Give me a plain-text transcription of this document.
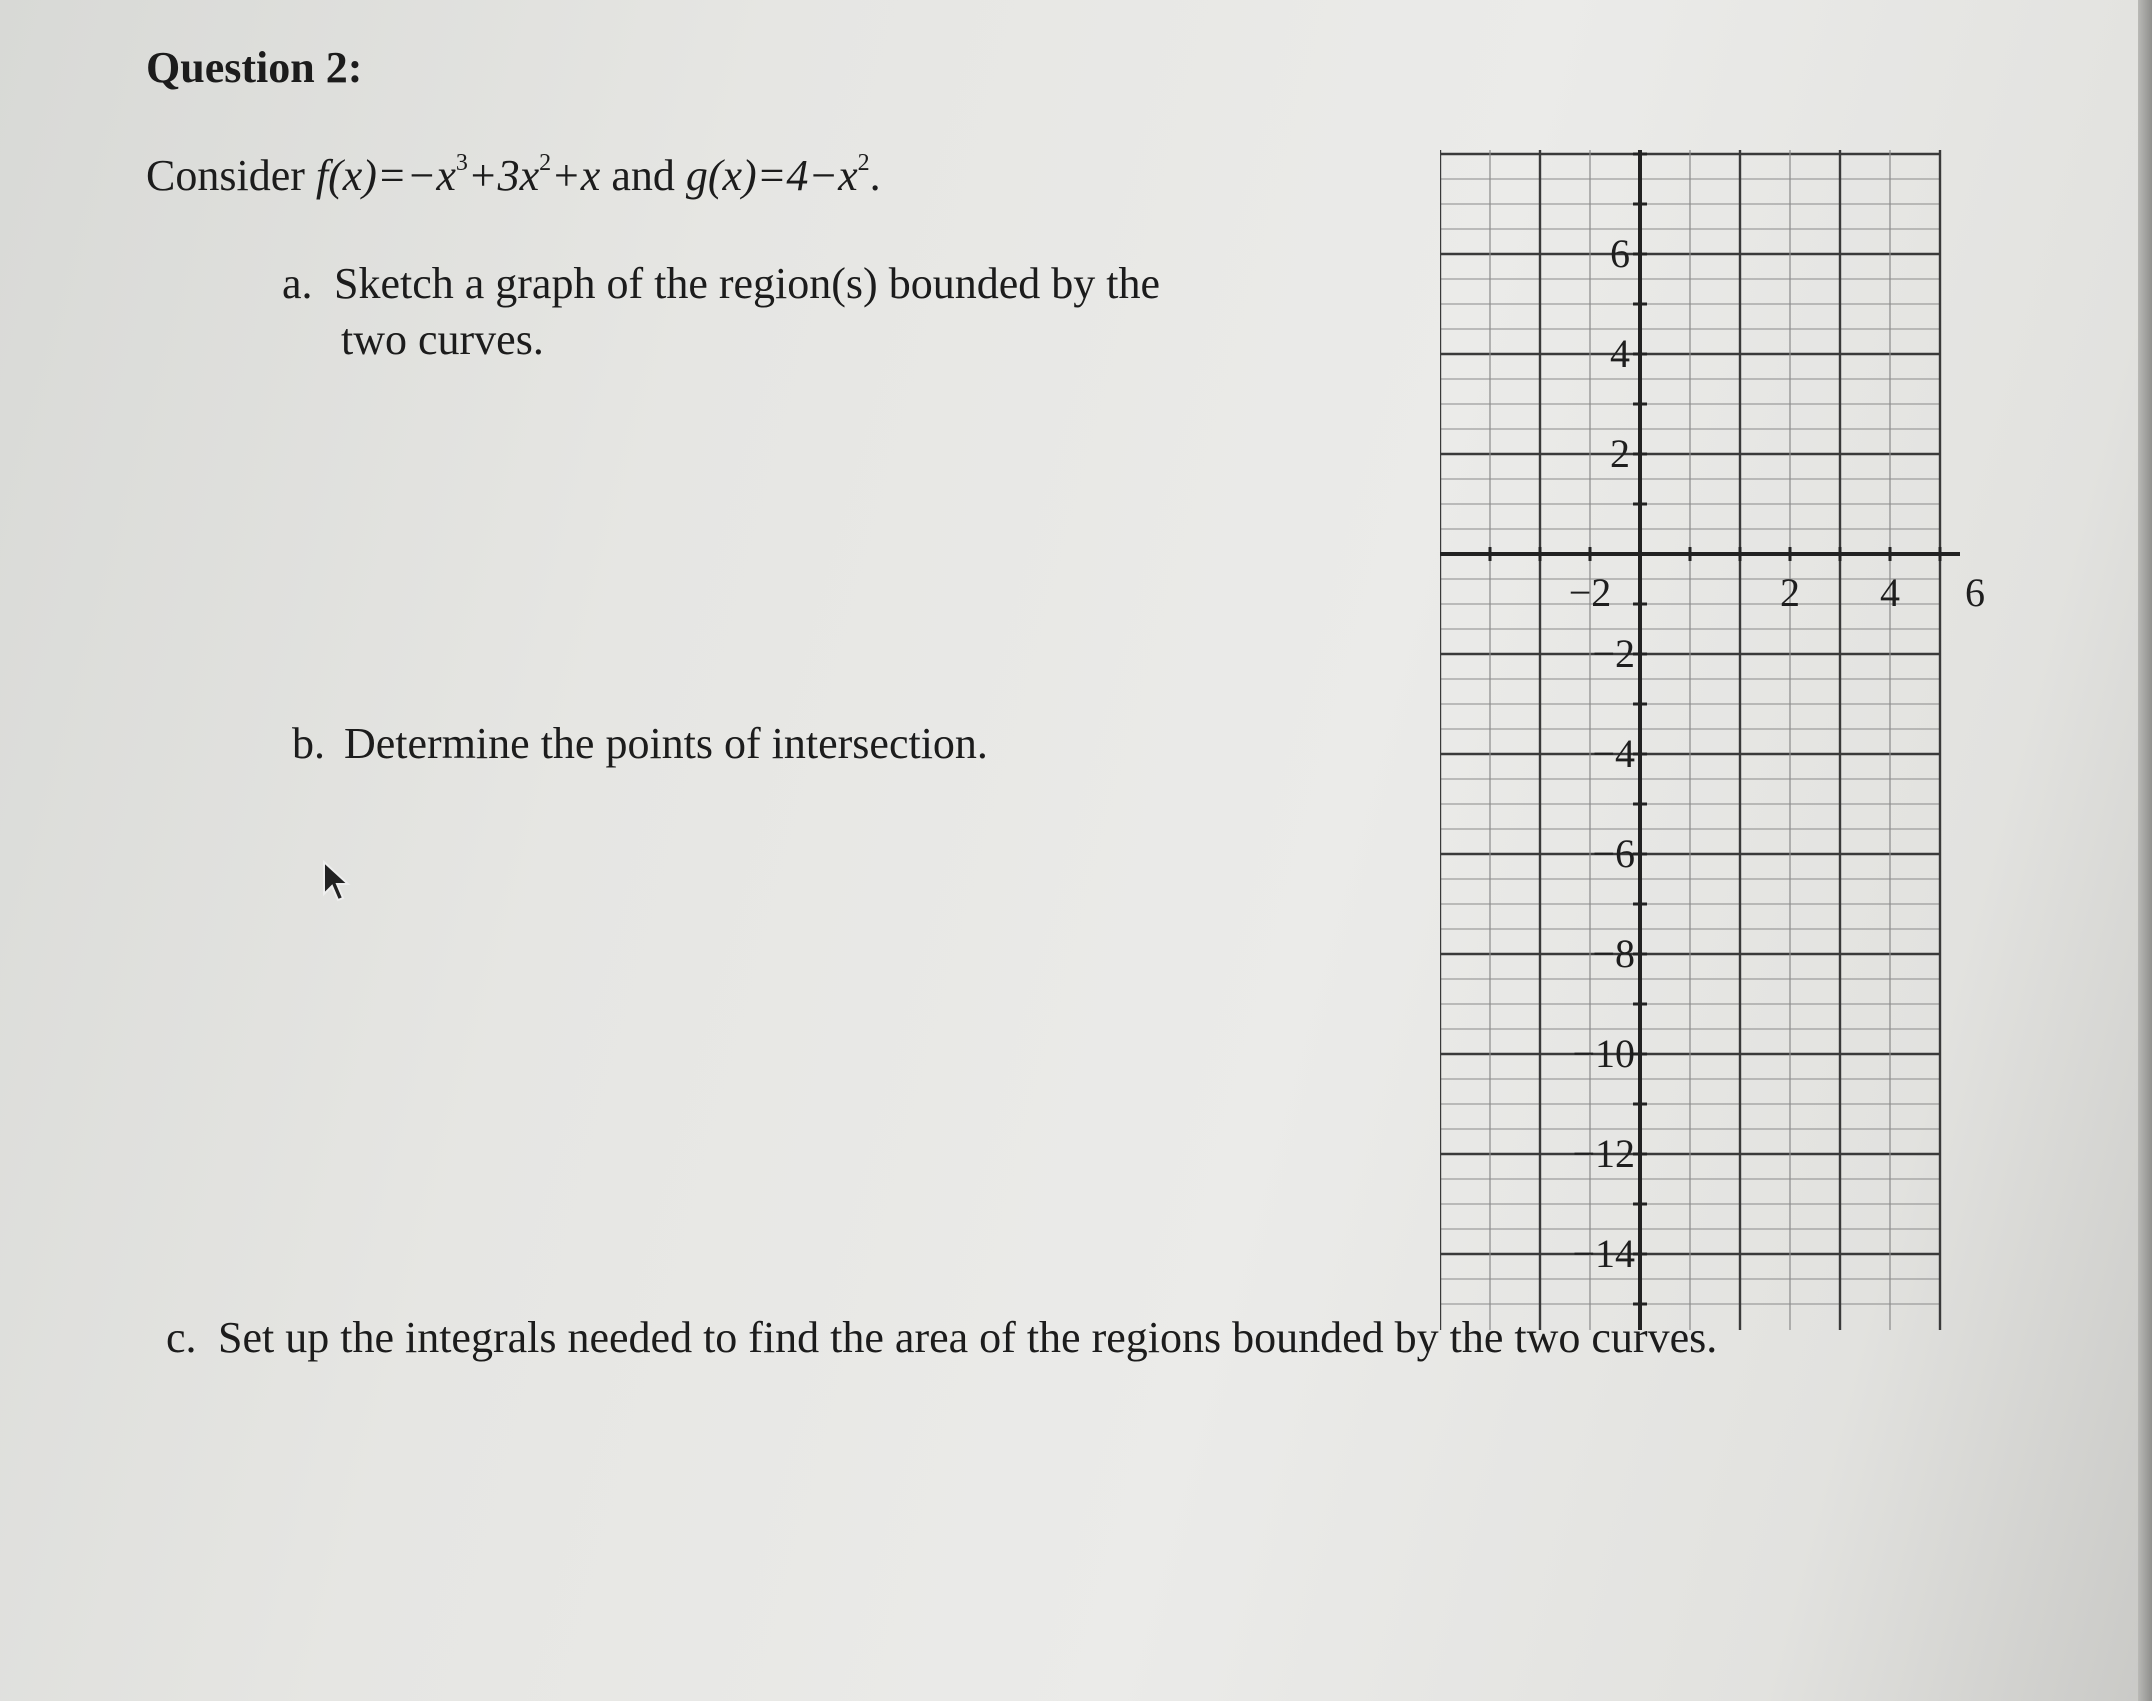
Question 2:
Consider $f(x)=-x^3+3x^2+x$ and $g(x)=4-x^2$.
a. Sketch a graph of the region(s) bounded by the
two curves.
b. Determine the points of intersection.
c. Set up the integrals needed to find the area of the regions bounded by the two curves.
−2	2 4 6
6
4
2
−2
−4
−6
−8
−10
−12
−14
